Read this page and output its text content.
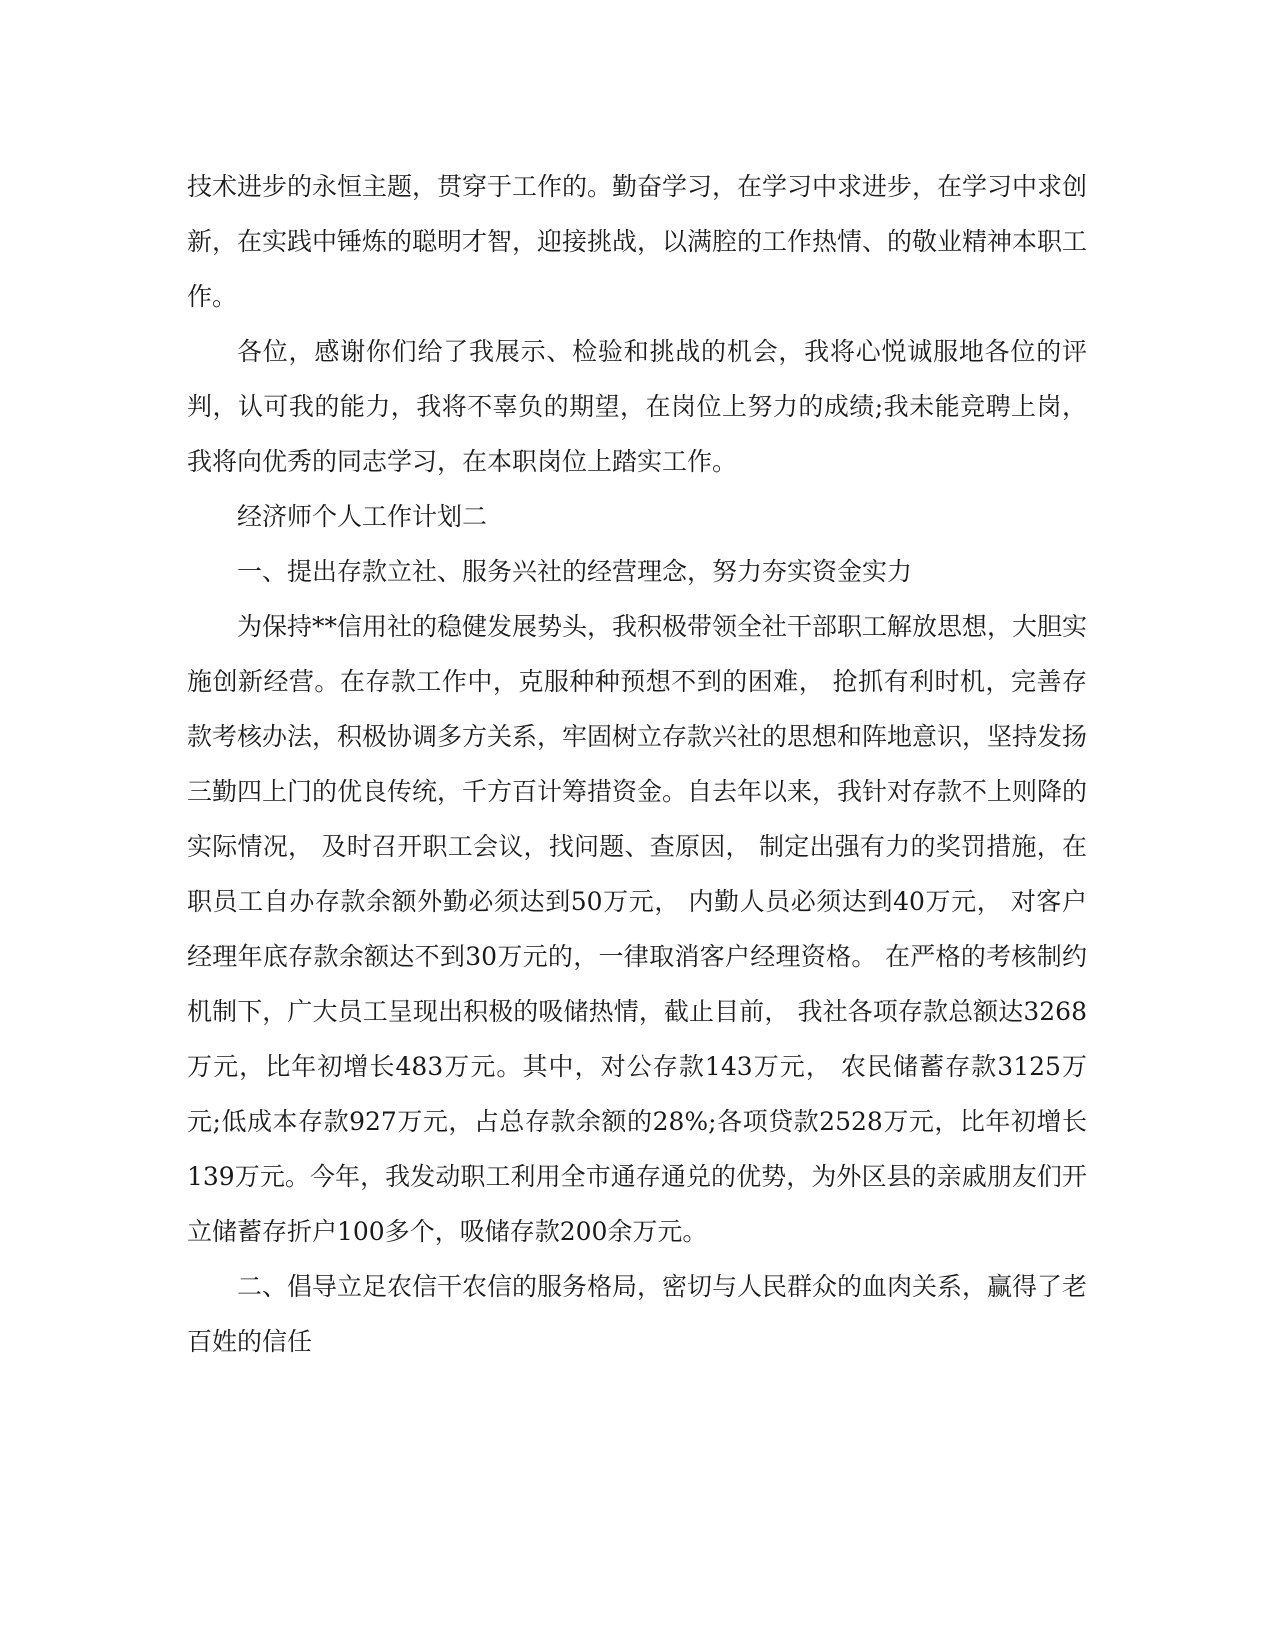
技术进步的永恒主题，贯穿于工作的。勤奋学习，在学习中求进步，在学习中求创新，在实践中锤炼的聪明才智，迎接挑战，以满腔的工作热情、的敬业精神本职工作。

各位，感谢你们给了我展示、检验和挑战的机会，我将心悦诚服地各位的评判，认可我的能力，我将不辜负的期望，在岗位上努力的成绩;我未能竞聘上岗，我将向优秀的同志学习，在本职岗位上踏实工作。

经济师个人工作计划二

一、提出存款立社、服务兴社的经营理念，努力夯实资金实力

为保持**信用社的稳健发展势头，我积极带领全社干部职工解放思想，大胆实施创新经营。在存款工作中，克服种种预想不到的困难， 抢抓有利时机，完善存款考核办法，积极协调多方关系，牢固树立存款兴社的思想和阵地意识，坚持发扬三勤四上门的优良传统，千方百计筹措资金。自去年以来，我针对存款不上则降的实际情况， 及时召开职工会议，找问题、查原因， 制定出强有力的奖罚措施，在职员工自办存款余额外勤必须达到50万元， 内勤人员必须达到40万元， 对客户经理年底存款余额达不到30万元的，一律取消客户经理资格。 在严格的考核制约机制下，广大员工呈现出积极的吸储热情，截止目前， 我社各项存款总额达3268万元，比年初增长483万元。其中，对公存款143万元， 农民储蓄存款3125万元;低成本存款927万元，占总存款余额的28%;各项贷款2528万元，比年初增长139万元。今年，我发动职工利用全市通存通兑的优势，为外区县的亲戚朋友们开立储蓄存折户100多个，吸储存款200余万元。

二、倡导立足农信干农信的服务格局，密切与人民群众的血肉关系，赢得了老百姓的信任
